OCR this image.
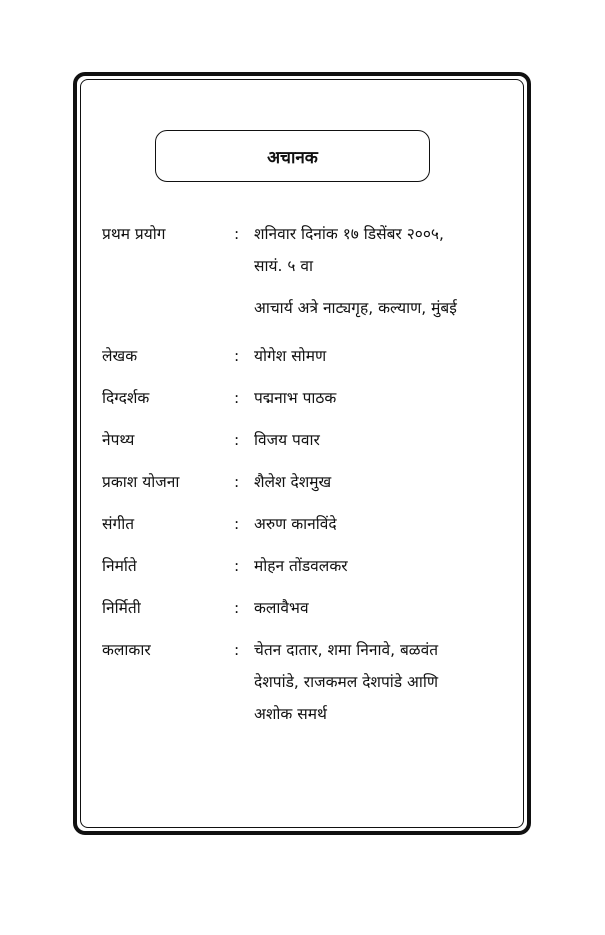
अचानक
प्रथम प्रयोग	: शनिवार दिनांक १७ डिसेंबर २००५,
सायं. ५ वा
आचार्य अत्रे नाट्यगृह, कल्याण, मुंबई
लेखक	: योगेश सोमण
दिग्दर्शक	: पद्मनाभ पाठक
नेपथ्य	: विजय पवार
प्रकाश योजना	: शैलेश देशमुख
संगीत	: अरुण कानविंदे
निर्माते	: मोहन तोंडवलकर
निर्मिती	: कलावैभव
कलाकार	: चेतन दातार, शमा निनावे, बळवंत
देशपांडे, राजकमल देशपांडे आणि
अशोक समर्थ
